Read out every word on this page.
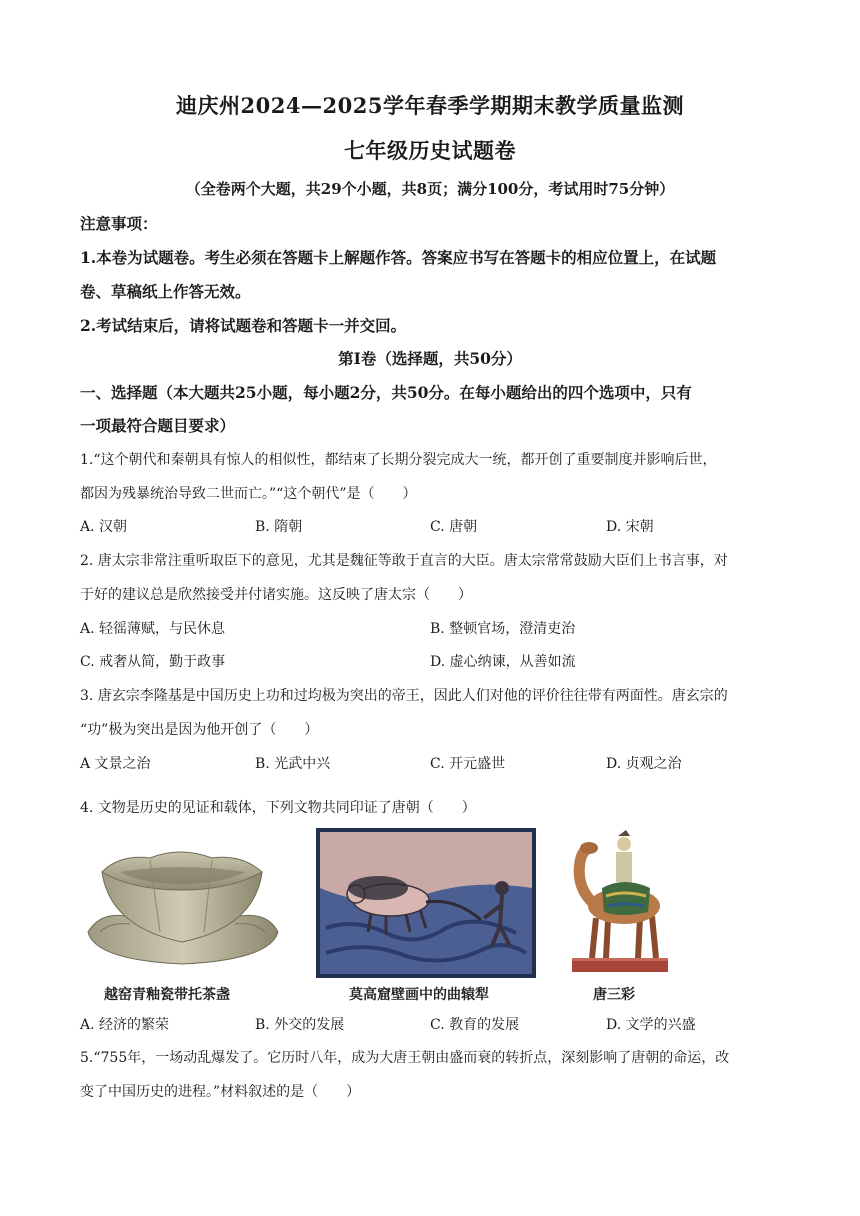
迪庆州2024—2025学年春季学期期末教学质量监测
七年级历史试题卷
（全卷两个大题，共29个小题，共8页；满分100分，考试用时75分钟）
注意事项：
1.本卷为试题卷。考生必须在答题卡上解题作答。答案应书写在答题卡的相应位置上，在试题
卷、草稿纸上作答无效。
2.考试结束后，请将试题卷和答题卡一并交回。
第Ⅰ卷（选择题，共50分）
一、选择题（本大题共25小题，每小题2分，共50分。在每小题给出的四个选项中，只有
一项最符合题目要求）
1.“这个朝代和秦朝具有惊人的相似性，都结束了长期分裂完成大一统，都开创了重要制度并影响后世，
都因为残暴统治导致二世而亡。”“这个朝代”是（　　）
A. 汉朝	B. 隋朝	C. 唐朝	D. 宋朝
2. 唐太宗非常注重听取臣下的意见，尤其是魏征等敢于直言的大臣。唐太宗常常鼓励大臣们上书言事，对
于好的建议总是欣然接受并付诸实施。这反映了唐太宗（　　）
A. 轻徭薄赋，与民休息	B. 整顿官场，澄清吏治
C. 戒奢从简，勤于政事	D. 虚心纳谏，从善如流
3. 唐玄宗李隆基是中国历史上功和过均极为突出的帝王，因此人们对他的评价往往带有两面性。唐玄宗的
“功”极为突出是因为他开创了（　　）
A 文景之治	B. 光武中兴	C. 开元盛世	D. 贞观之治
4. 文物是历史的见证和载体，下列文物共同印证了唐朝（　　）
越窑青釉瓷带托茶盏	莫高窟壁画中的曲辕犁	唐三彩
A. 经济的繁荣	B. 外交的发展	C. 教育的发展	D. 文学的兴盛
5.“755年，一场动乱爆发了。它历时八年，成为大唐王朝由盛而衰的转折点，深刻影响了唐朝的命运，改
变了中国历史的进程。”材料叙述的是（　　）
